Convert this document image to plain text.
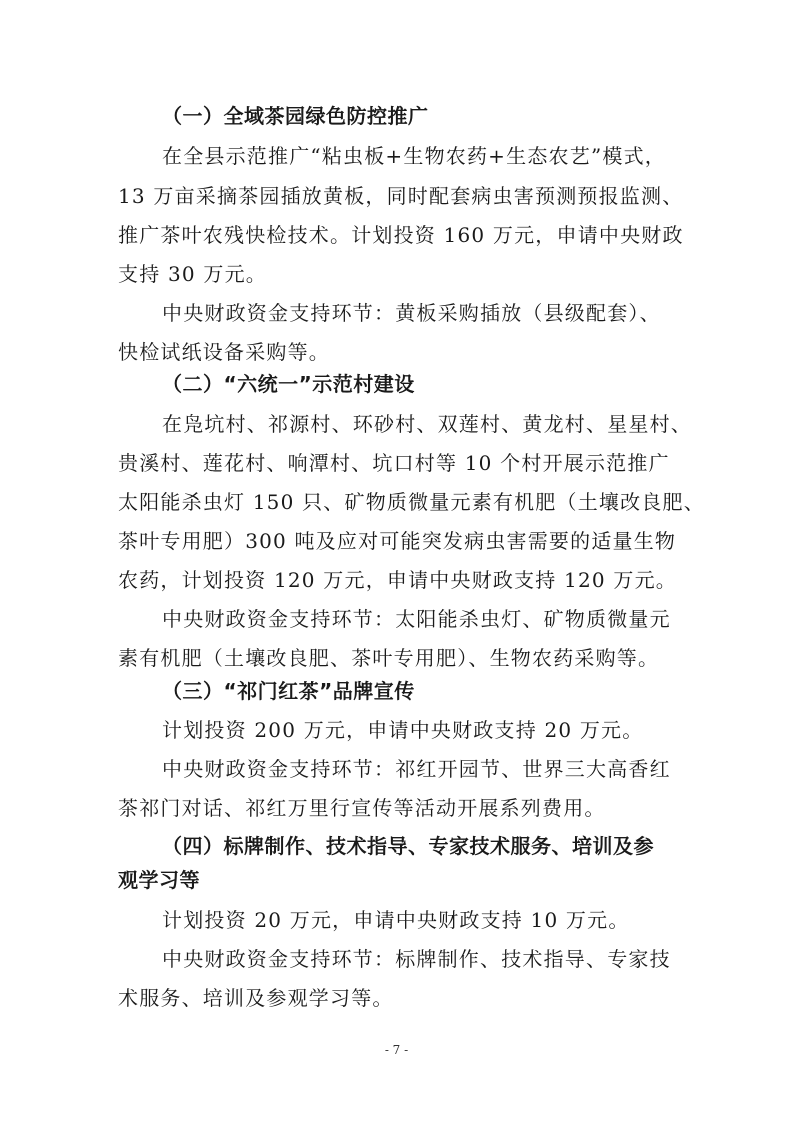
（一）全域茶园绿色防控推广
在全县示范推广“粘虫板+生物农药+生态农艺”模式，
13 万亩采摘茶园插放黄板，同时配套病虫害预测预报监测、
推广茶叶农残快检技术。计划投资 160 万元，申请中央财政
支持 30 万元。
中央财政资金支持环节：黄板采购插放（县级配套）、
快检试纸设备采购等。
（二）“六统一”示范村建设
在凫坑村、祁源村、环砂村、双莲村、黄龙村、星星村、
贵溪村、莲花村、响潭村、坑口村等 10 个村开展示范推广
太阳能杀虫灯 150 只、矿物质微量元素有机肥（土壤改良肥、
茶叶专用肥）300 吨及应对可能突发病虫害需要的适量生物
农药，计划投资 120 万元，申请中央财政支持 120 万元。
中央财政资金支持环节：太阳能杀虫灯、矿物质微量元
素有机肥（土壤改良肥、茶叶专用肥）、生物农药采购等。
（三）“祁门红茶”品牌宣传
计划投资 200 万元，申请中央财政支持 20 万元。
中央财政资金支持环节：祁红开园节、世界三大高香红
茶祁门对话、祁红万里行宣传等活动开展系列费用。
（四）标牌制作、技术指导、专家技术服务、培训及参
观学习等
计划投资 20 万元，申请中央财政支持 10 万元。
中央财政资金支持环节：标牌制作、技术指导、专家技
术服务、培训及参观学习等。
- 7 -
